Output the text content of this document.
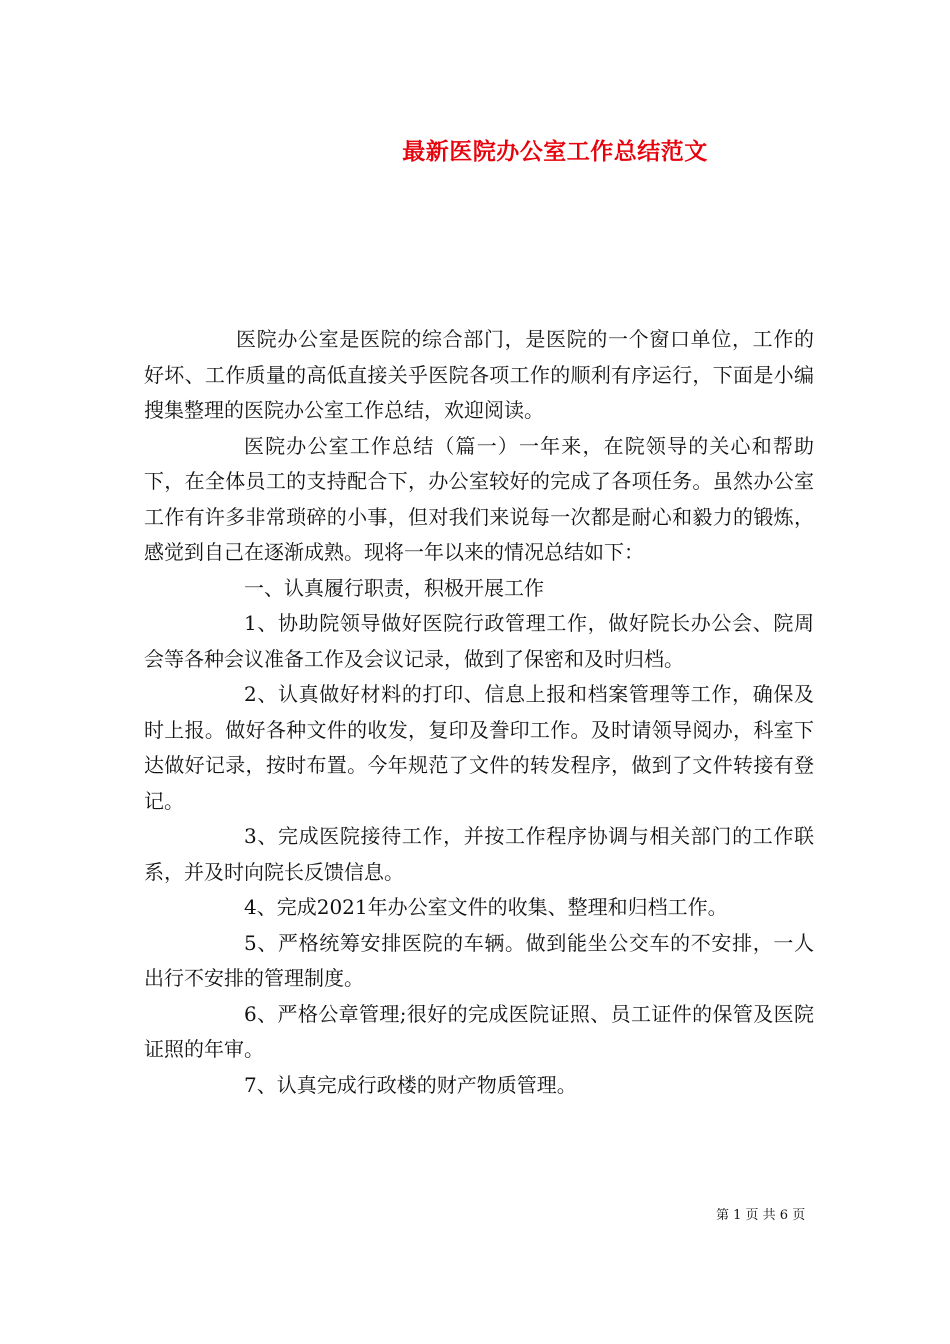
最新医院办公室工作总结范文

医院办公室是医院的综合部门，是医院的一个窗口单位，工作的好坏、工作质量的高低直接关乎医院各项工作的顺利有序运行，下面是小编搜集整理的医院办公室工作总结，欢迎阅读。

医院办公室工作总结（篇一）一年来，在院领导的关心和帮助下，在全体员工的支持配合下，办公室较好的完成了各项任务。虽然办公室工作有许多非常琐碎的小事，但对我们来说每一次都是耐心和毅力的锻炼，感觉到自己在逐渐成熟。现将一年以来的情况总结如下：

一、认真履行职责，积极开展工作

1、协助院领导做好医院行政管理工作，做好院长办公会、院周会等各种会议准备工作及会议记录，做到了保密和及时归档。

2、认真做好材料的打印、信息上报和档案管理等工作，确保及时上报。做好各种文件的收发，复印及誊印工作。及时请领导阅办，科室下达做好记录，按时布置。今年规范了文件的转发程序，做到了文件转接有登记。

3、完成医院接待工作，并按工作程序协调与相关部门的工作联系，并及时向院长反馈信息。

4、完成2021年办公室文件的收集、整理和归档工作。

5、严格统筹安排医院的车辆。做到能坐公交车的不安排，一人出行不安排的管理制度。

6、严格公章管理;很好的完成医院证照、员工证件的保管及医院证照的年审。

7、认真完成行政楼的财产物质管理。

第 1 页 共 6 页
